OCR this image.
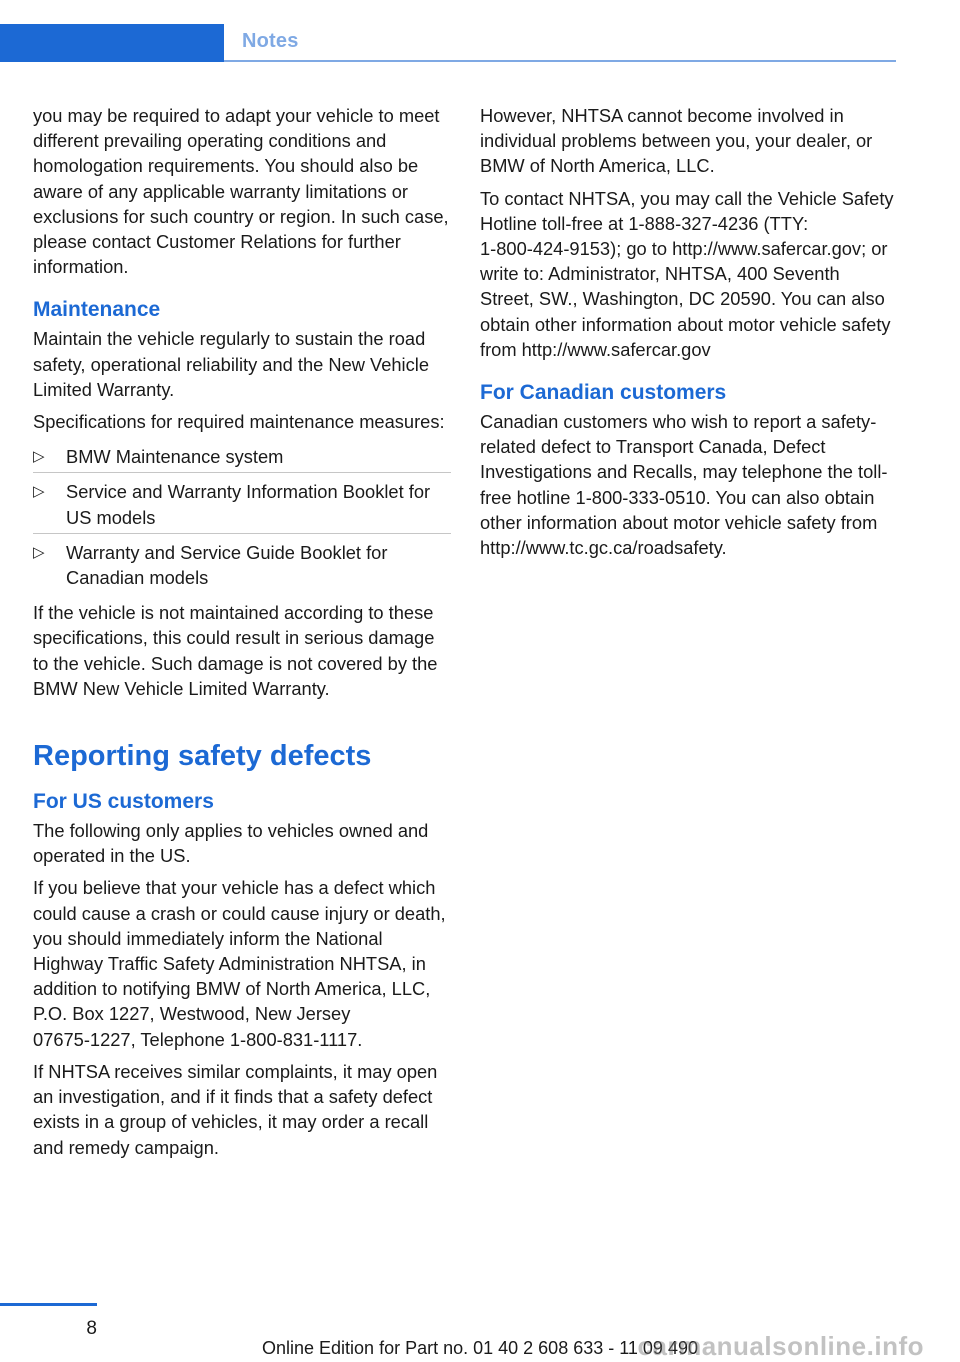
Notes

you may be required to adapt your vehicle to meet different prevailing operating conditions and homologation requirements. You should also be aware of any applicable warranty limitations or exclusions for such country or region. In such case, please contact Customer Relations for further information.

Maintenance

Maintain the vehicle regularly to sustain the road safety, operational reliability and the New Vehicle Limited Warranty.

Specifications for required maintenance measures:

▷ BMW Maintenance system
▷ Service and Warranty Information Booklet for US models
▷ Warranty and Service Guide Booklet for Canadian models

If the vehicle is not maintained according to these specifications, this could result in serious damage to the vehicle. Such damage is not covered by the BMW New Vehicle Limited Warranty.

Reporting safety defects
For US customers

The following only applies to vehicles owned and operated in the US.

If you believe that your vehicle has a defect which could cause a crash or could cause injury or death, you should immediately inform the National Highway Traffic Safety Administration NHTSA, in addition to notifying BMW of North America, LLC, P.O. Box 1227, Westwood, New Jersey 07675‑1227, Telephone 1‑800‑831‑1117.

If NHTSA receives similar complaints, it may open an investigation, and if it finds that a safety defect exists in a group of vehicles, it may order a recall and remedy campaign.

However, NHTSA cannot become involved in individual problems between you, your dealer, or BMW of North America, LLC.

To contact NHTSA, you may call the Vehicle Safety Hotline toll-free at 1‑888‑327‑4236 (TTY: 1‑800‑424‑9153); go to http://www.safercar.gov; or write to: Administrator, NHTSA, 400 Seventh Street, SW., Washington, DC 20590. You can also obtain other information about motor vehicle safety from http://www.safercar.gov

For Canadian customers

Canadian customers who wish to report a safety-related defect to Transport Canada, Defect Investigations and Recalls, may telephone the toll-free hotline 1‑800‑333‑0510. You can also obtain other information about motor vehicle safety from http://www.tc.gc.ca/roadsafety.

8
Online Edition for Part no. 01 40 2 608 633 - 11 09 490
carmanualsonline.info
